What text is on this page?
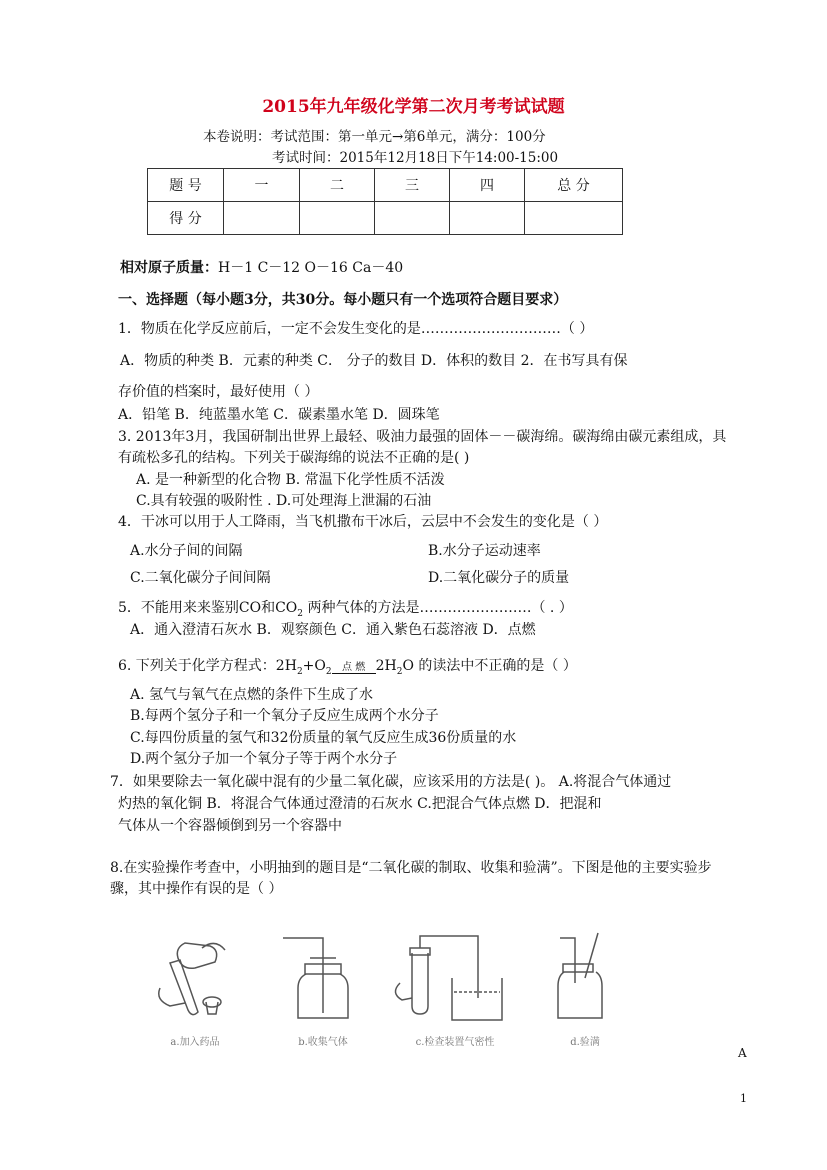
2015年九年级化学第二次月考考试试题
本卷说明：考试范围：第一单元→第6单元，满分：100分
考试时间：2015年12月18日下午14:00-15:00
题 号	一	二	三	四	总 分
得 分					
相对原子质量：H－1 C－12 O－16 Ca－40
一、选择题（每小题3分，共30分。每小题只有一个选项符合题目要求）
1．物质在化学反应前后，一定不会发生变化的是…………………………（ ）
A．物质的种类 B．元素的种类 C． 分子的数目 D．体积的数目 2．在书写具有保
存价值的档案时，最好使用（ ）
A．铅笔 B．纯蓝墨水笔 C．碳素墨水笔 D．圆珠笔
3. 2013年3月，我国研制出世界上最轻、吸油力最强的固体－－碳海绵。碳海绵由碳元素组成，具
有疏松多孔的结构。下列关于碳海绵的说法不正确的是( )
A. 是一种新型的化合物 B. 常温下化学性质不活泼
C.具有较强的吸附性 . D.可处理海上泄漏的石油
4．干冰可以用于人工降雨，当飞机撒布干冰后，云层中不会发生的变化是（ ）
A.水分子间的间隔	B.水分子运动速率
C.二氧化碳分子间间隔	D.二氧化碳分子的质量
5．不能用来来鉴别CO和$CO_2$ 两种气体的方法是……………………（ . ）
A．通入澄清石灰水 B．观察颜色 C．通入紫色石蕊溶液 D．点燃
6. 下列关于化学方程式：$2H_2+O_2$	点 燃 $2H_2O$ 的读法中不正确的是（ ）
A. 氢气与氧气在点燃的条件下生成了水
B.每两个氢分子和一个氧分子反应生成两个水分子
C.每四份质量的氢气和32份质量的氧气反应生成36份质量的水
D.两个氢分子加一个氧分子等于两个水分子
7．如果要除去一氧化碳中混有的少量二氧化碳，应该采用的方法是( )。 A.将混合气体通过
灼热的氧化铜 B．将混合气体通过澄清的石灰水 C.把混合气体点燃 D．把混和
气体从一个容器倾倒到另一个容器中
8.在实验操作考查中，小明抽到的题目是“二氧化碳的制取、收集和验满”。下图是他的主要实验步
骤，其中操作有误的是（ ）
a.加入药品	b.收集气体	c.检查装置气密性	d.验满
A
1
